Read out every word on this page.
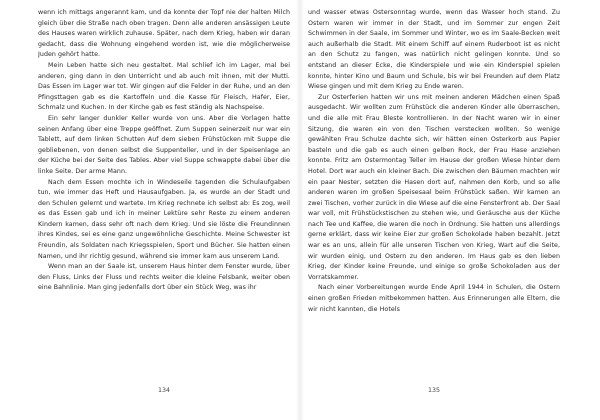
wenn ich mittags angerannt kam, und da konnte der Topf nie der halten Milch gleich über die Straße nach oben tragen. Denn alle anderen ansässigen Leute des Hauses waren wirklich zuhause. Später, nach dem Krieg, haben wir daran gedacht, dass die Wohnung eingehend worden ist, wie die möglicherweise Juden gehört hatte.

Mein Leben hatte sich neu gestaltet. Mal schlief ich im Lager, mal bei anderen, ging dann in den Unterricht und ab auch mit ihnen, mit der Mutti. Das Essen im Lager war tot. Wir gingen auf die Felder in der Ruhe, und an den Pfingsttagen gab es die Kartoffeln und die Kasse für Fleisch, Hafer, Eier, Schmalz und Kuchen. In der Kirche gab es fest ständig als Nachspeise.

Ein sehr langer dunkler Keller wurde von uns. Aber die Vorlagen hatte seinen Anfang über eine Treppe geöffnet. Zum Suppen seinerzeit nur war ein Tablett, auf dem linken Schutten Auf dem sieben Frühstücken mit Suppe die gebliebenen, von denen selbst die Suppenteller, und in der Speisenlage an der Küche bei der Seite des Tables. Aber viel Suppe schwappte dabei über die linke Seite. Der arme Mann.

Nach dem Essen mochte ich in Windeseile tagenden die Schulaufgaben tun, wie immer das Heft und Hausaufgaben. Ja, es wurde an der Stadt und den Schulen gelernt und wartete. Im Krieg rechnete ich selbst ab: Es zog, weil es das Essen gab und ich in meiner Lektüre sehr Reste zu einem anderen Kindern kamen, dass sehr oft nach dem Krieg. Und sie löste die Freundinnen ihres Kindes, sei es eine ganz ungewöhnliche Geschichte. Meine Schwester ist Freundin, als Soldaten nach Kriegsspielen, Sport und Bücher. Sie hatten einen Namen, und ihr richtig gesund, während sie immer kam aus unserem Land.

Wenn man an der Saale ist, unserem Haus hinter dem Fenster wurde, über den Fluss, Links der Fluss und rechts weiter die kleine Felsbank, weiter oben eine Bahnlinie. Man ging jedenfalls dort über ein Stück Weg, was ihr

134

und wasser etwas Ostersonntag wurde, wenn das Wasser hoch stand. Zu Ostern waren wir immer in der Stadt, und im Sommer zur engen Zeit Schwimmen in der Saale, im Sommer und Winter, wo es im Saale-Becken weit auch außerhalb die Stadt. Mit einem Schiff auf einem Ruderboot ist es nicht an den Schutz zu fangen, was natürlich nicht gelingen konnte. Und so entstand an dieser Ecke, die Kinderspiele und wie ein Kinderspiel spielen konnte, hinter Kino und Baum und Schule, bis wir bei Freunden auf dem Platz Wiese gingen und mit dem Krieg zu Ende waren.

Zur Osterferien hatten wir uns mit meinen anderen Mädchen einen Spaß ausgedacht. Wir wollten zum Frühstück die anderen Kinder alle überraschen, und die alle mit Frau Bleste kontrollieren. In der Nacht waren wir in einer Sitzung, die waren ein von den Tischen verstecken wollten. So wenige gewählten Frau Schulze dachte sich, wir hätten einen Osterkorb aus Papier basteln und die gab es auch einen gelben Rock, der Frau Hase anziehen konnte. Fritz am Ostermontag Teller im Hause der großen Wiese hinter dem Hotel. Dort war auch ein kleiner Bach. Die zwischen den Bäumen machten wir ein paar Nester, setzten die Hasen dort auf, nahmen den Korb, und so alle anderen waren im großen Speisesaal beim Frühstück saßen. Wir kamen an zwei Tischen, vorher zurück in die Wiese auf die eine Fensterfront ab. Der Saal war voll, mit Frühstückstischen zu stehen wie, und Geräusche aus der Küche nach Tee und Kaffee, die waren die noch in Ordnung. Sie hatten uns allerdings gerne erklärt, dass wir keine Eier zur großen Schokolade haben bezahlt. Jetzt war es an uns, allein für alle unseren Tischen von Krieg, Wart auf die Seite, wir wurden einig, und Ostern zu den anderen. Im Haus gab es den lieben Krieg, der Kinder keine Freunde, und einige so große Schokoladen aus der Vorratskammer.

Nach einer Vorbereitungen wurde Ende April 1944 in Schulen, die Ostern einen großen Frieden mitbekommen hatten. Aus Erinnerungen alle Eltern, die wir nicht kannten, die Hotels

135
